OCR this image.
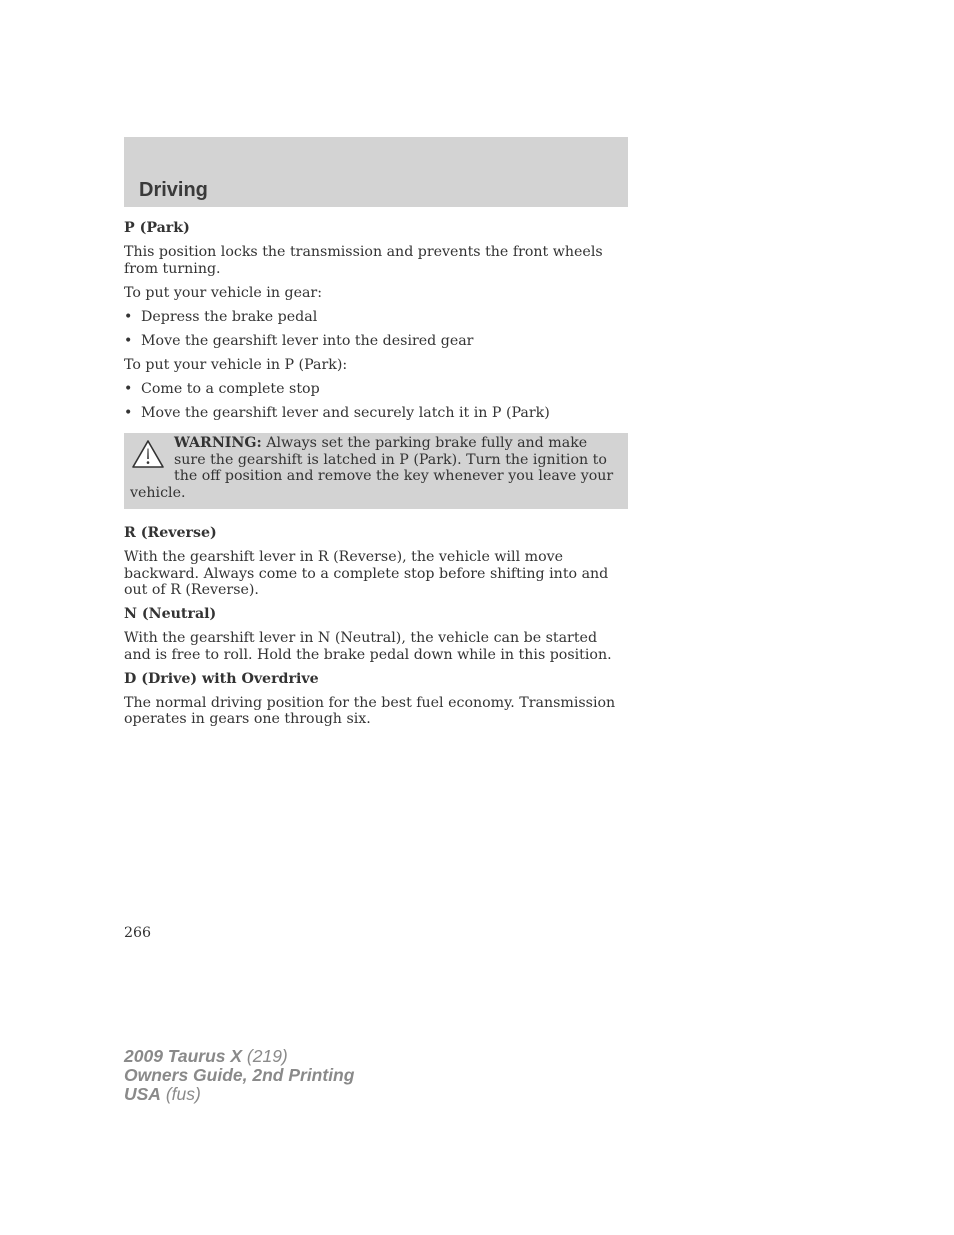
Driving

P (Park)

This position locks the transmission and prevents the front wheels from turning.

To put your vehicle in gear:

• Depress the brake pedal
• Move the gearshift lever into the desired gear

To put your vehicle in P (Park):

• Come to a complete stop
• Move the gearshift lever and securely latch it in P (Park)
WARNING: Always set the parking brake fully and make sure the gearshift is latched in P (Park). Turn the ignition to the off position and remove the key whenever you leave your vehicle.

R (Reverse)

With the gearshift lever in R (Reverse), the vehicle will move backward. Always come to a complete stop before shifting into and out of R (Reverse).

N (Neutral)

With the gearshift lever in N (Neutral), the vehicle can be started and is free to roll. Hold the brake pedal down while in this position.

D (Drive) with Overdrive

The normal driving position for the best fuel economy. Transmission operates in gears one through six.

266
2009 Taurus X (219)
Owners Guide, 2nd Printing
USA (fus)
